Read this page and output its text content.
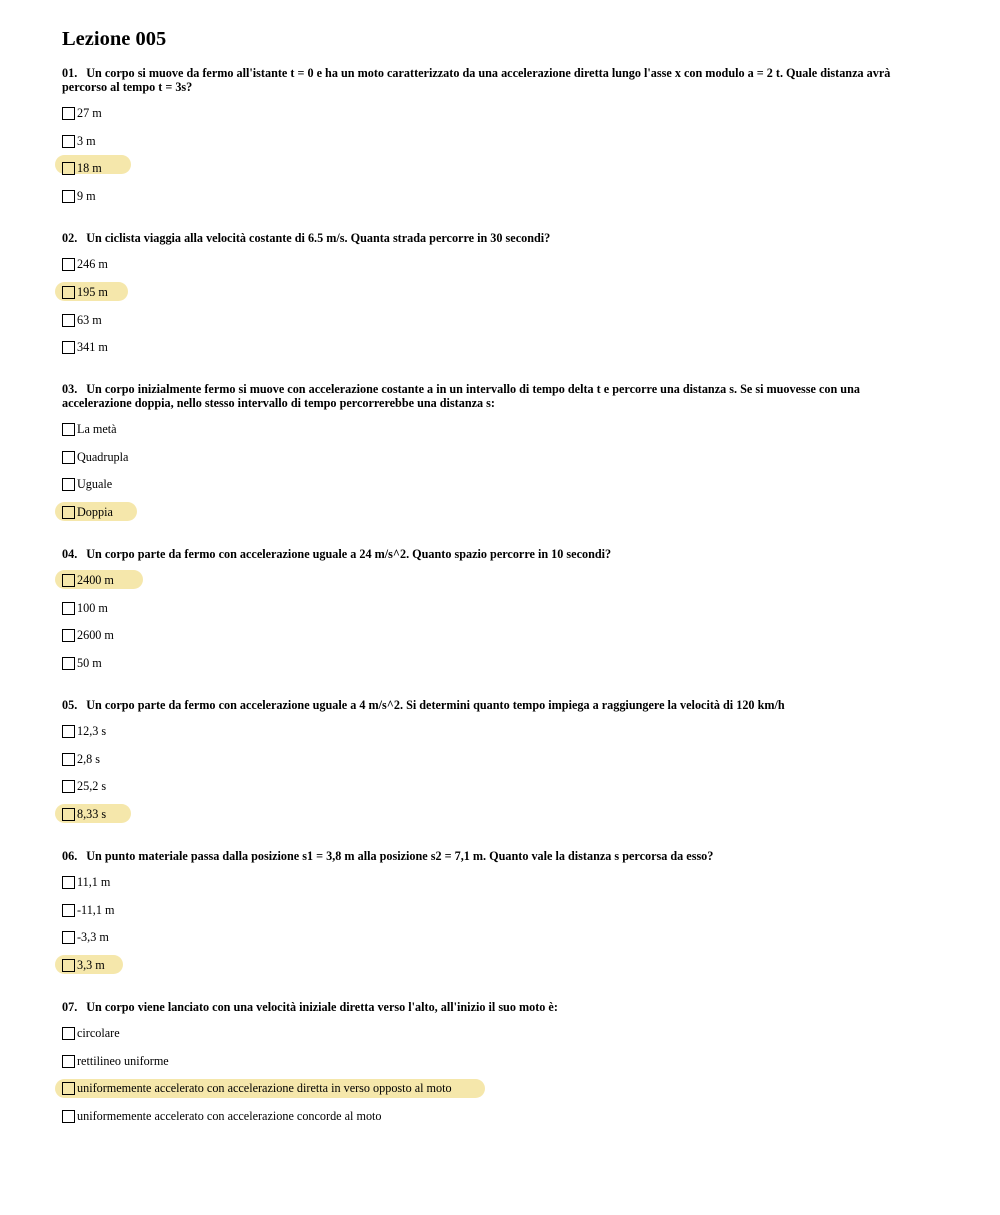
Lezione 005
01. Un corpo si muove da fermo all'istante t = 0 e ha un moto caratterizzato da una accelerazione diretta lungo l'asse x con modulo a = 2 t. Quale distanza avrà percorso al tempo t = 3s?
27 m
3 m
18 m
9 m
02. Un ciclista viaggia alla velocità costante di 6.5 m/s. Quanta strada percorre in 30 secondi?
246 m
195 m
63 m
341 m
03. Un corpo inizialmente fermo si muove con accelerazione costante a in un intervallo di tempo delta t e percorre una distanza s. Se si muovesse con una accelerazione doppia, nello stesso intervallo di tempo percorrerebbe una distanza s:
La metà
Quadrupla
Uguale
Doppia
04. Un corpo parte da fermo con accelerazione uguale a 24 m/s^2. Quanto spazio percorre in 10 secondi?
2400 m
100 m
2600 m
50 m
05. Un corpo parte da fermo con accelerazione uguale a 4 m/s^2. Si determini quanto tempo impiega a raggiungere la velocità di 120 km/h
12,3 s
2,8 s
25,2 s
8,33 s
06. Un punto materiale passa dalla posizione s1 = 3,8 m alla posizione s2 = 7,1 m. Quanto vale la distanza s percorsa da esso?
11,1 m
-11,1 m
-3,3 m
3,3 m
07. Un corpo viene lanciato con una velocità iniziale diretta verso l'alto, all'inizio il suo moto è:
circolare
rettilineo uniforme
uniformemente accelerato con accelerazione diretta in verso opposto al moto
uniformemente accelerato con accelerazione concorde al moto
